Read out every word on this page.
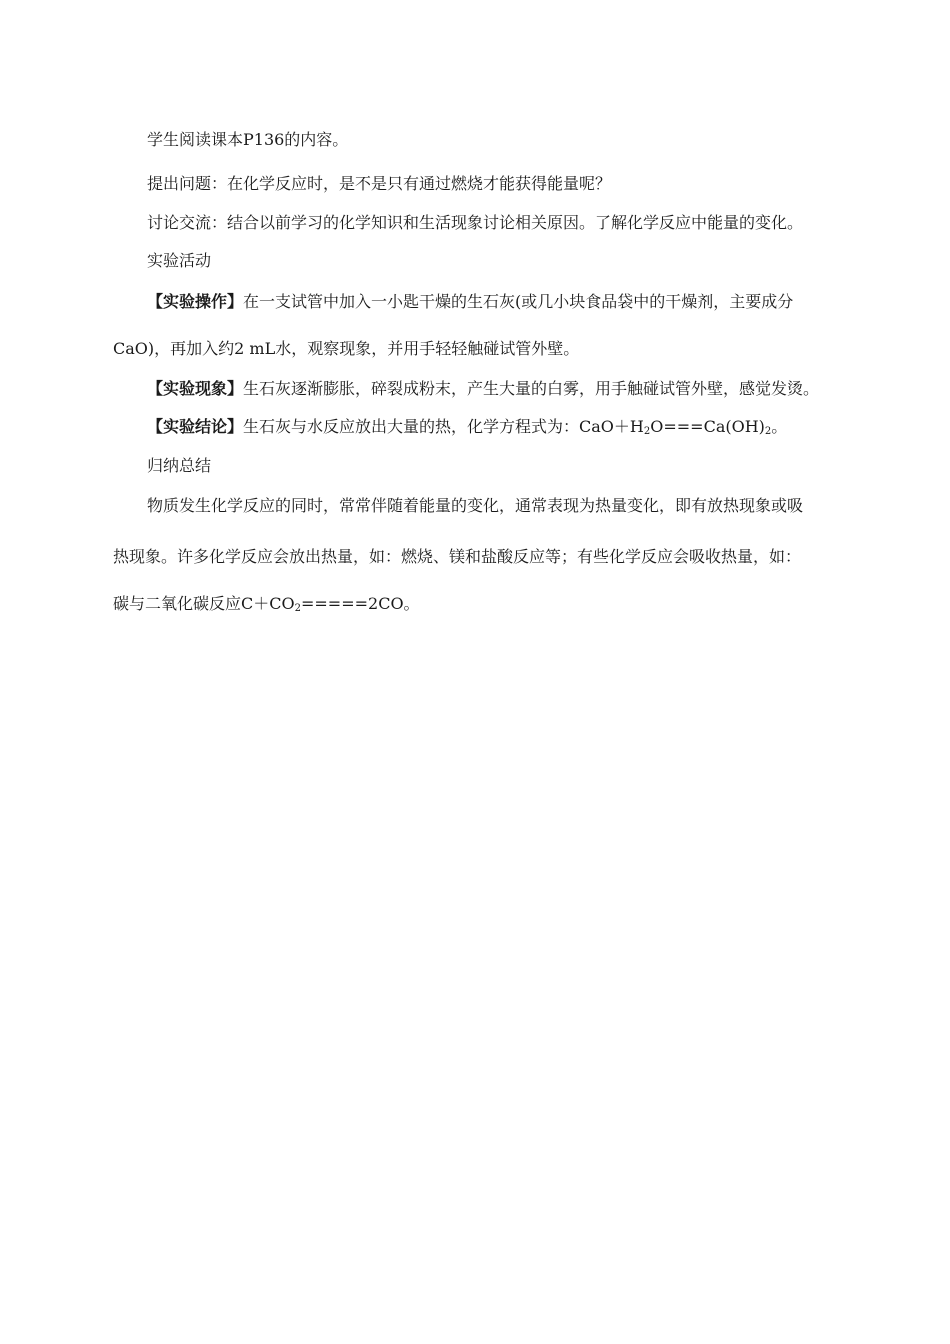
学生阅读课本P136的内容。
提出问题：在化学反应时，是不是只有通过燃烧才能获得能量呢？
讨论交流：结合以前学习的化学知识和生活现象讨论相关原因。了解化学反应中能量的变化。
实验活动
【实验操作】在一支试管中加入一小匙干燥的生石灰(或几小块食品袋中的干燥剂，主要成分
CaO)，再加入约2 mL水，观察现象，并用手轻轻触碰试管外壁。
【实验现象】生石灰逐渐膨胀，碎裂成粉末，产生大量的白雾，用手触碰试管外壁，感觉发烫。
【实验结论】生石灰与水反应放出大量的热，化学方程式为：$CaO+H_2O===Ca(OH)_2$。
归纳总结
物质发生化学反应的同时，常常伴随着能量的变化，通常表现为热量变化，即有放热现象或吸
热现象。许多化学反应会放出热量，如：燃烧、镁和盐酸反应等；有些化学反应会吸收热量，如：
碳与二氧化碳反应$C+CO_2=====2CO$。
